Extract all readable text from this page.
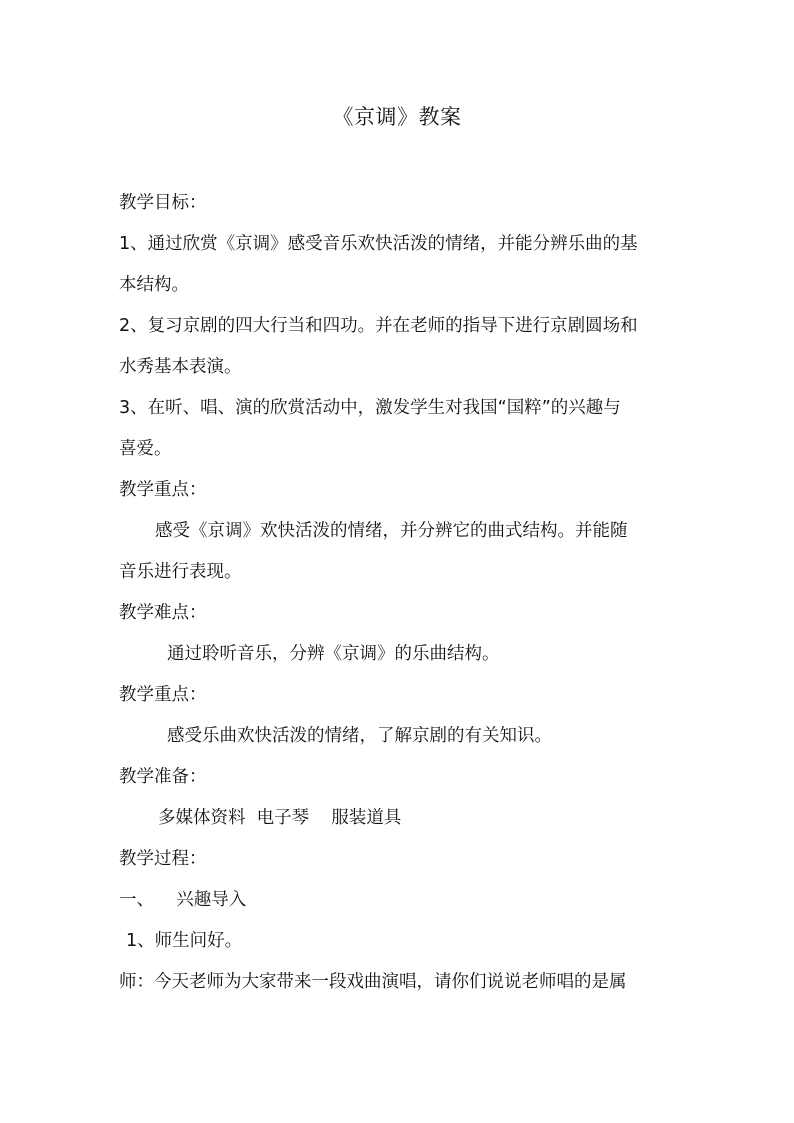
《京调》教案
教学目标：
1、通过欣赏《京调》感受音乐欢快活泼的情绪，并能分辨乐曲的基
本结构。
2、复习京剧的四大行当和四功。并在老师的指导下进行京剧圆场和
水秀基本表演。
3、在听、唱、演的欣赏活动中，激发学生对我国“国粹”的兴趣与
喜爱。
教学重点：
感受《京调》欢快活泼的情绪，并分辨它的曲式结构。并能随
音乐进行表现。
教学难点：
通过聆听音乐，分辨《京调》的乐曲结构。
教学重点：
感受乐曲欢快活泼的情绪，了解京剧的有关知识。
教学准备：
多媒体资料  电子琴    服装道具
教学过程：
一、    兴趣导入
1、师生问好。
师：今天老师为大家带来一段戏曲演唱，请你们说说老师唱的是属
